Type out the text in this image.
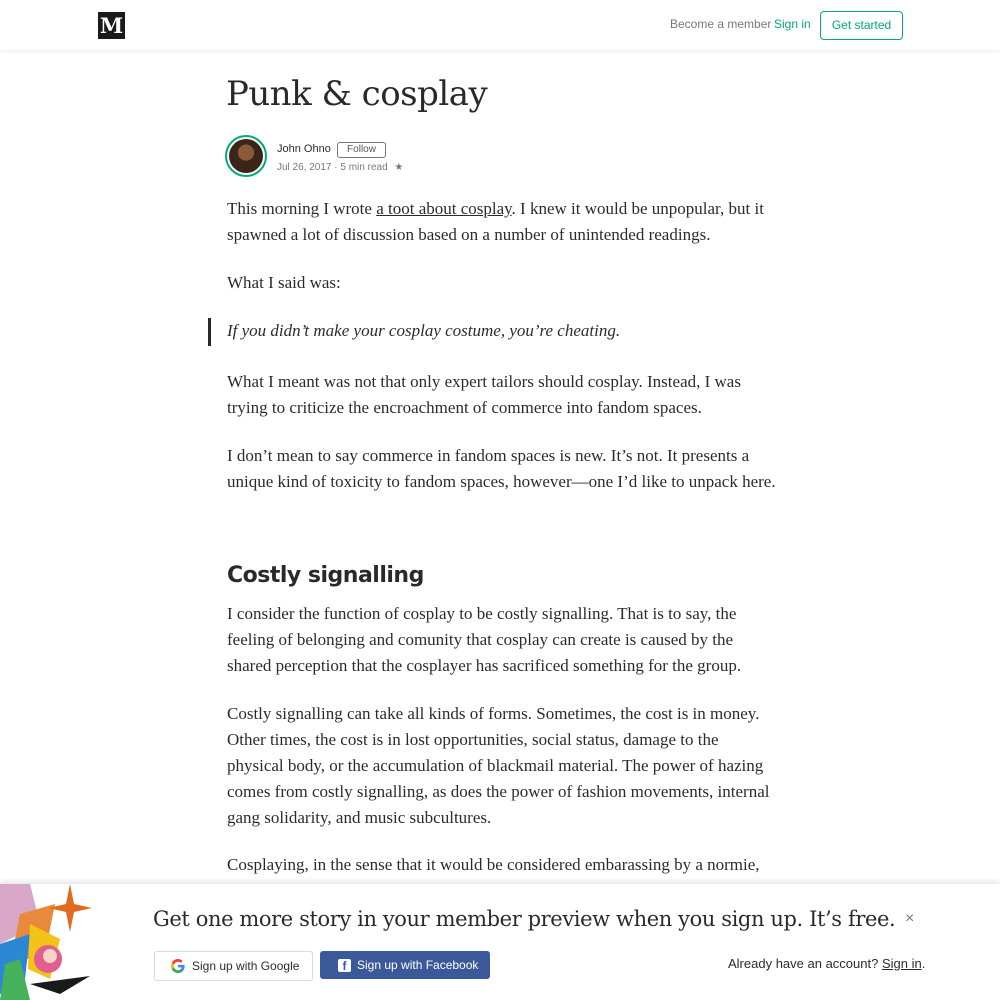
M	Become a member Sign in	Get started
Punk & cosplay
John Ohno	Follow
Jul 26, 2017 · 5 min read ★

This morning I wrote a toot about cosplay. I knew it would be unpopular, but it spawned a lot of discussion based on a number of unintended readings.

What I said was:

If you didn’t make your cosplay costume, you’re cheating.

What I meant was not that only expert tailors should cosplay. Instead, I was trying to criticize the encroachment of commerce into fandom spaces.

I don’t mean to say commerce in fandom spaces is new. It’s not. It presents a unique kind of toxicity to fandom spaces, however—one I’d like to unpack here.

I consider the function of cosplay to be costly signalling. That is to say, the feeling of belonging and comunity that cosplay can create is caused by the shared perception that the cosplayer has sacrificed something for the group.

Costly signalling can take all kinds of forms. Sometimes, the cost is in money. Other times, the cost is in lost opportunities, social status, damage to the physical body, or the accumulation of blackmail material. The power of hazing comes from costly signalling, as does the power of fashion movements, internal gang solidarity, and music subcultures.

Cosplaying, in the sense that it would be considered embarassing by a normie,

Costly signalling
Get one more story in your member preview when you sign up. It’s free. ×
Sign up with Google	f Sign up with Facebook	Already have an account? Sign in.
